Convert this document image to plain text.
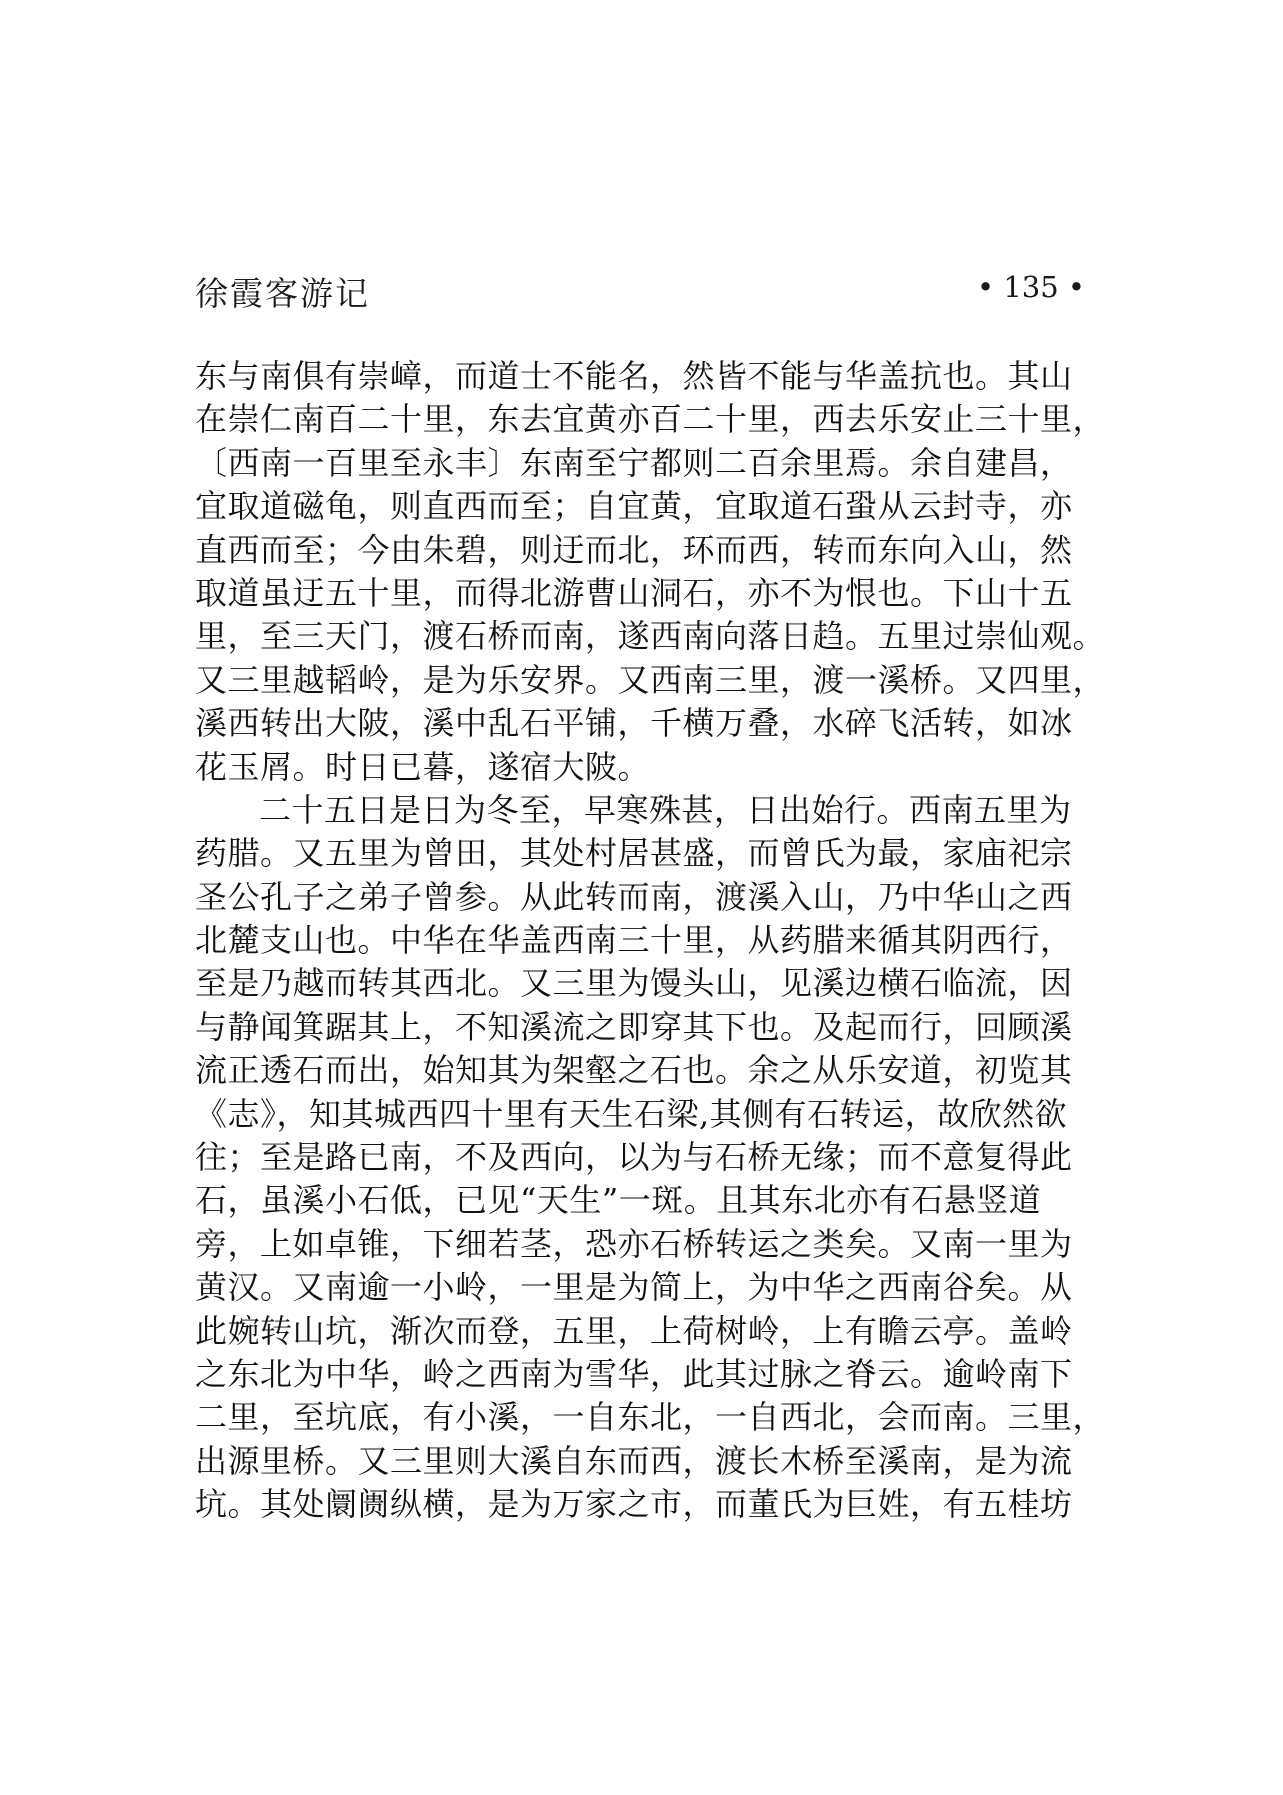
徐霞客游记	• 135 •
东与南俱有崇嶂，而道士不能名，然皆不能与华盖抗也。其山
在崇仁南百二十里，东去宜黄亦百二十里，西去乐安止三十里，
〔西南一百里至永丰〕东南至宁都则二百余里焉。余自建昌，
宜取道磁龟，则直西而至；自宜黄，宜取道石蛩从云封寺，亦
直西而至；今由朱碧，则迂而北，环而西，转而东向入山，然
取道虽迂五十里，而得北游曹山洞石，亦不为恨也。下山十五
里，至三天门，渡石桥而南，遂西南向落日趋。五里过崇仙观。
又三里越韬岭，是为乐安界。又西南三里，渡一溪桥。又四里，
溪西转出大陂，溪中乱石平铺，千横万叠，水碎飞活转，如冰
花玉屑。时日已暮，遂宿大陂。
二十五日是日为冬至，早寒殊甚，日出始行。西南五里为
药腊。又五里为曾田，其处村居甚盛，而曾氏为最，家庙祀宗
圣公孔子之弟子曾参。从此转而南，渡溪入山，乃中华山之西
北麓支山也。中华在华盖西南三十里，从药腊来循其阴西行，
至是乃越而转其西北。又三里为馒头山，见溪边横石临流，因
与静闻箕踞其上，不知溪流之即穿其下也。及起而行，回顾溪
流正透石而出，始知其为架壑之石也。余之从乐安道，初览其
《志》，知其城西四十里有天生石梁,其侧有石转运，故欣然欲
往；至是路已南，不及西向，以为与石桥无缘；而不意复得此
石，虽溪小石低，已见“天生”一斑。且其东北亦有石悬竖道
旁，上如卓锥，下细若茎，恐亦石桥转运之类矣。又南一里为
黄汉。又南逾一小岭，一里是为简上，为中华之西南谷矣。从
此婉转山坑，渐次而登，五里，上荷树岭，上有瞻云亭。盖岭
之东北为中华，岭之西南为雪华，此其过脉之脊云。逾岭南下
二里，至坑底，有小溪，一自东北，一自西北，会而南。三里，
出源里桥。又三里则大溪自东而西，渡长木桥至溪南，是为流
坑。其处阛阓纵横，是为万家之市，而董氏为巨姓，有五桂坊
